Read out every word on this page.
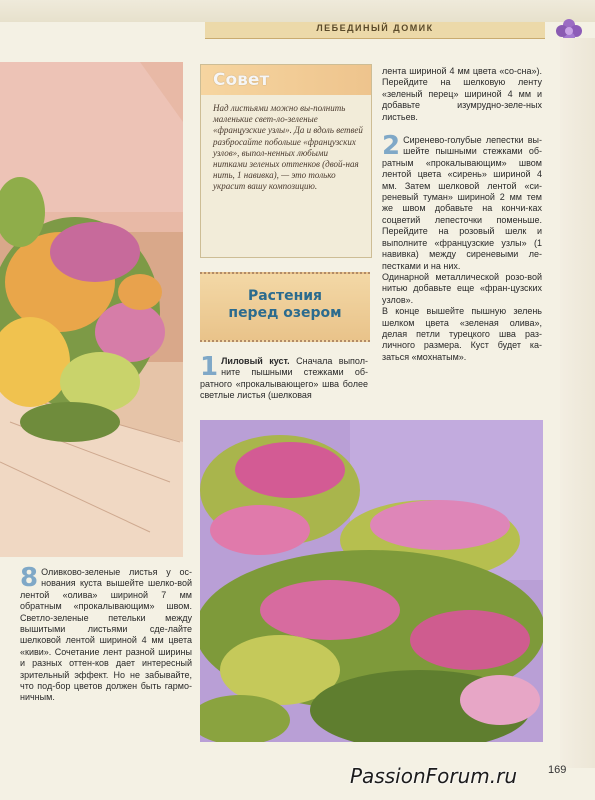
ЛЕБЕДИНЫЙ ДОМИК
Совет
Над листьями можно вы-полнить маленькие свет-ло-зеленые «французские узлы». Да и вдоль ветвей разбросайте побольше «французских узлов», выпол-ненных любыми нитками зеленых оттенков (двой-ная нить, 1 навивка), — это только украсит вашу композицию.
Растения
перед озером
1 Лиловый куст. Сначала выпол-ните пышными стежками об-ратного «прокалывающего» шва более светлые листья (шелковая
лента шириной 4 мм цвета «со-сна»). Перейдите на шелковую ленту «зеленый перец» шириной 4 мм и добавьте изумрудно-зеле-ных листьев.
2 Сиренево-голубые лепестки вы-шейте пышными стежками об-ратным «прокалывающим» швом лентой цвета «сирень» шириной 4 мм. Затем шелковой лентой «си-реневый туман» шириной 2 мм тем же швом добавьте на кончи-ках соцветий лепесточки поменьше. Перейдите на розовый шелк и выполните «французские узлы» (1 навивка) между сиреневыми ле-пестками и на них.
Одинарной металлической розо-вой нитью добавьте еще «фран-цузских узлов».
В конце вышейте пышную зелень шелком цвета «зеленая олива», делая петли турецкого шва раз-личного размера. Куст будет ка-заться «мохнатым».
8 Оливково-зеленые листья у ос-нования куста вышейте шелко-вой лентой «олива» шириной 7 мм обратным «прокалывающим» швом. Светло-зеленые петельки между вышитыми листьями сде-лайте шелковой лентой шириной 4 мм цвета «киви». Сочетание лент разной ширины и разных оттен-ков дает интересный зрительный эффект. Но не забывайте, что под-бор цветов должен быть гармо-ничным.
169
PassionForum.ru
